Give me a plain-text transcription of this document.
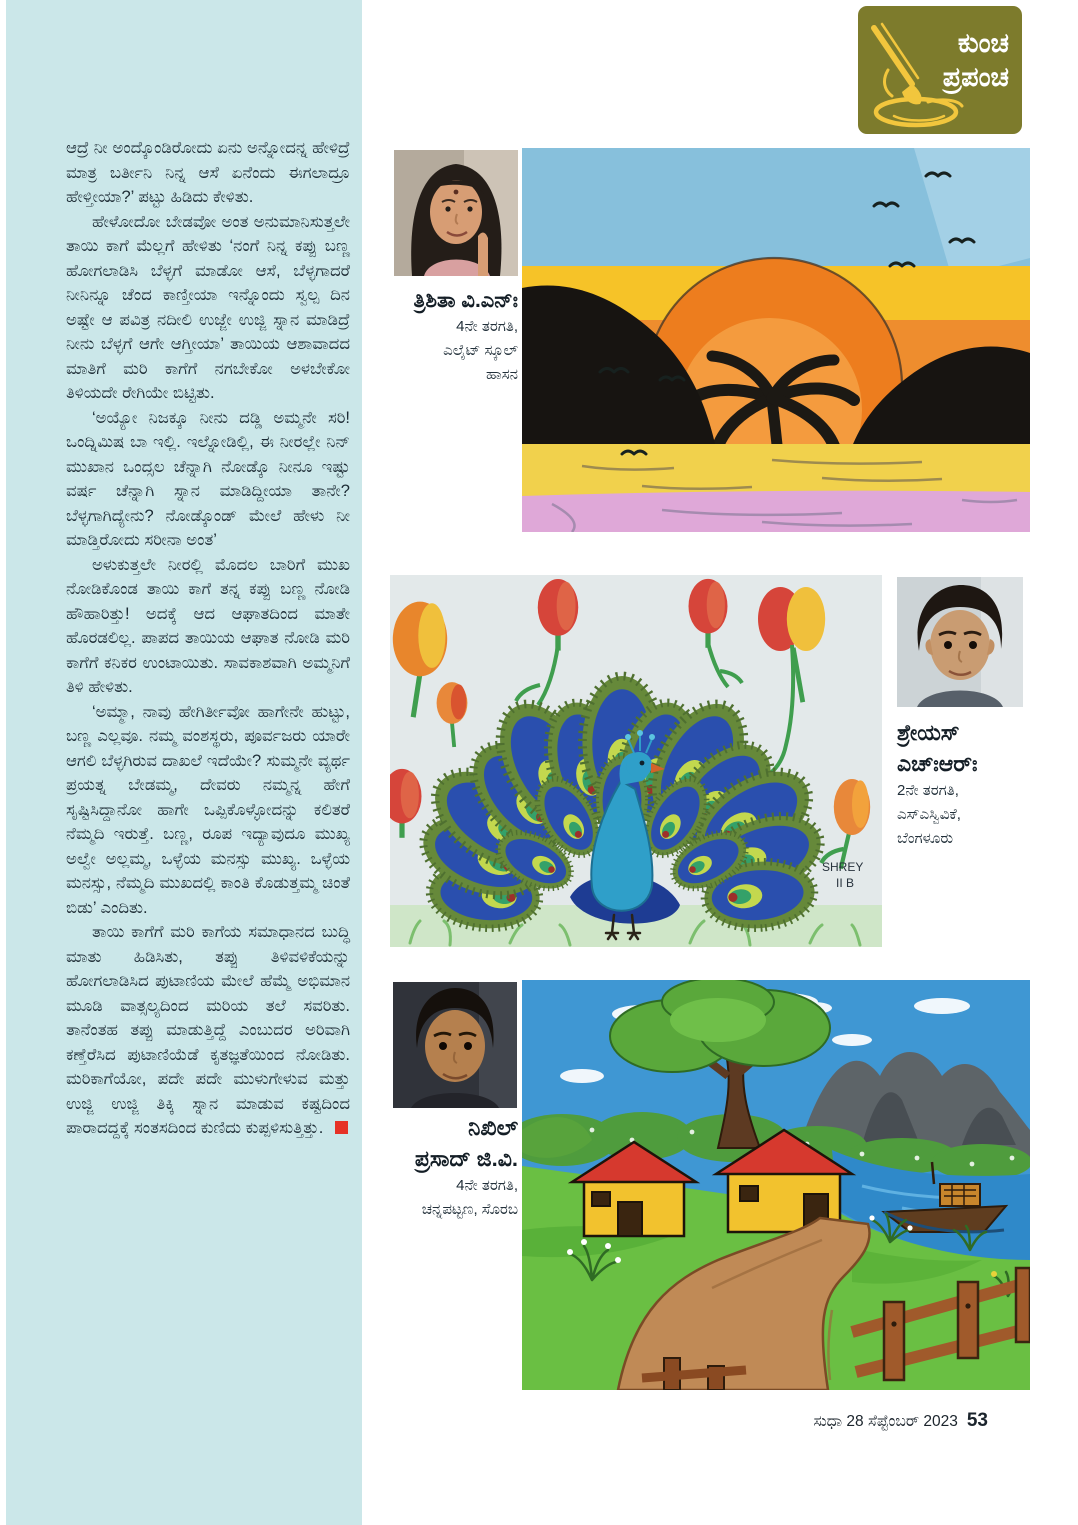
ಆದ್ರೆ ನೀ ಅಂದ್ಕೊಂಡಿರೋದು ಏನು ಅನ್ನೋದನ್ನ ಹೇಳಿದ್ರೆ ಮಾತ್ರ ಬರ್ತೀನಿ ನಿನ್ನ ಆಸೆ ಏನೆಂದು ಈಗಲಾದ್ರೂ ಹೇಳ್ತೀಯಾ?’ ಪಟ್ಟು ಹಿಡಿದು ಕೇಳಿತು.

ಹೇಳೋದೋ ಬೇಡವೋ ಅಂತ ಅನುಮಾನಿಸುತ್ತಲೇ ತಾಯಿ ಕಾಗೆ ಮೆಲ್ಲಗೆ ಹೇಳಿತು ‘ನಂಗೆ ನಿನ್ನ ಕಪ್ಪು ಬಣ್ಣ ಹೋಗಲಾಡಿಸಿ ಬೆಳ್ಳಗೆ ಮಾಡೋ ಆಸೆ, ಬೆಳ್ಳಗಾದರೆ ನೀನಿನ್ನೂ ಚೆಂದ ಕಾಣ್ತೀಯಾ ಇನ್ನೊಂದು ಸ್ವಲ್ಪ ದಿನ ಅಷ್ಟೇ ಆ ಪವಿತ್ರ ನದೀಲಿ ಉಜ್ಜೇ ಉಜ್ಜಿ ಸ್ನಾನ ಮಾಡಿದ್ರೆ ನೀನು ಬೆಳ್ಳಗೆ ಆಗೇ ಆಗ್ತೀಯಾ’ ತಾಯಿಯ ಆಶಾವಾದದ ಮಾತಿಗೆ ಮರಿ ಕಾಗೆಗೆ ನಗಬೇಕೋ ಅಳಬೇಕೋ ತಿಳಿಯದೇ ರೇಗಿಯೇ ಬಿಟ್ಟಿತು.

‘ಅಯ್ಯೋ ನಿಜಕ್ಕೂ ನೀನು ದಡ್ಡಿ ಅಮ್ಮನೇ ಸರಿ! ಒಂದ್ನಿಮಿಷ ಬಾ ಇಲ್ಲಿ. ಇಲ್ನೋಡಿಲ್ಲಿ, ಈ ನೀರಲ್ಲೇ ನಿನ್ ಮುಖಾನ ಒಂದ್ಸಲ ಚೆನ್ನಾಗಿ ನೋಡ್ಕೊ ನೀನೂ ಇಷ್ಟು ವರ್ಷ ಚೆನ್ನಾಗಿ ಸ್ನಾನ ಮಾಡಿದ್ದೀಯಾ ತಾನೇ? ಬೆಳ್ಳಗಾಗಿದ್ಯೇನು? ನೋಡ್ಕೊಂಡ್ ಮೇಲೆ ಹೇಳು ನೀ ಮಾಡ್ತಿರೋದು ಸರೀನಾ ಅಂತ’

ಅಳುಕುತ್ತಲೇ ನೀರಲ್ಲಿ ಮೊದಲ ಬಾರಿಗೆ ಮುಖ ನೋಡಿಕೊಂಡ ತಾಯಿ ಕಾಗೆ ತನ್ನ ಕಪ್ಪು ಬಣ್ಣ ನೋಡಿ ಹೌಹಾರಿತ್ತು! ಅದಕ್ಕೆ ಆದ ಆಘಾತದಿಂದ ಮಾತೇ ಹೊರಡಲಿಲ್ಲ. ಪಾಪದ ತಾಯಿಯ ಆಘಾತ ನೋಡಿ ಮರಿ ಕಾಗೆಗೆ ಕನಿಕರ ಉಂಟಾಯಿತು. ಸಾವಕಾಶವಾಗಿ ಅಮ್ಮನಿಗೆ ತಿಳಿ ಹೇಳಿತು.

‘ಅಮ್ಮಾ, ನಾವು ಹೇಗಿರ್ತೀವೋ ಹಾಗೇನೇ ಹುಟ್ಟು, ಬಣ್ಣ ಎಲ್ಲವೂ. ನಮ್ಮ ವಂಶಸ್ಥರು, ಪೂರ್ವಜರು ಯಾರೇ ಆಗಲಿ ಬೆಳ್ಳಗಿರುವ ದಾಖಲೆ ಇದೆಯೇ? ಸುಮ್ಮನೇ ವ್ಯರ್ಥ ಪ್ರಯತ್ನ ಬೇಡಮ್ಮ, ದೇವರು ನಮ್ಮನ್ನ ಹೇಗೆ ಸೃಷ್ಟಿಸಿದ್ದಾನೋ ಹಾಗೇ ಒಪ್ಪಿಕೊಳ್ಳೋದನ್ನು ಕಲಿತರೆ ನೆಮ್ಮದಿ ಇರುತ್ತೆ. ಬಣ್ಣ, ರೂಪ ಇದ್ಯಾವುದೂ ಮುಖ್ಯ ಅಲ್ವೇ ಅಲ್ಲಮ್ಮ, ಒಳ್ಳೆಯ ಮನಸ್ಸು ಮುಖ್ಯ. ಒಳ್ಳೆಯ ಮನಸ್ಸು, ನೆಮ್ಮದಿ ಮುಖದಲ್ಲಿ ಕಾಂತಿ ಕೊಡುತ್ತಮ್ಮ ಚಿಂತೆ ಬಿಡು’ ಎಂದಿತು.

ತಾಯಿ ಕಾಗೆಗೆ ಮರಿ ಕಾಗೆಯ ಸಮಾಧಾನದ ಬುದ್ಧಿ ಮಾತು ಹಿಡಿಸಿತು, ತಪ್ಪು ತಿಳಿವಳಿಕೆಯನ್ನು ಹೋಗಲಾಡಿಸಿದ ಪುಟಾಣಿಯ ಮೇಲೆ ಹೆಮ್ಮೆ ಅಭಿಮಾನ ಮೂಡಿ ವಾತ್ಸಲ್ಯದಿಂದ ಮರಿಯ ತಲೆ ಸವರಿತು. ತಾನೆಂತಹ ತಪ್ಪು ಮಾಡುತ್ತಿದ್ದೆ ಎಂಬುದರ ಅರಿವಾಗಿ ಕಣ್ತೆರೆಸಿದ ಪುಟಾಣಿಯೆಡೆ ಕೃತಜ್ಞತೆಯಿಂದ ನೋಡಿತು. ಮರಿಕಾಗೆಯೋ, ಪದೇ ಪದೇ ಮುಳುಗೇಳುವ ಮತ್ತು ಉಜ್ಜಿ ಉಜ್ಜಿ ತಿಕ್ಕಿ ಸ್ನಾನ ಮಾಡುವ ಕಷ್ಟದಿಂದ ಪಾರಾದದ್ದಕ್ಕೆ ಸಂತಸದಿಂದ ಕುಣಿದು ಕುಪ್ಪಳಿಸುತ್ತಿತ್ತು.

ಕುಂಚ
ಪ್ರಪಂಚ
ತ್ರಿಶಿತಾ ವಿ.ಎನ್ಃ
4ನೇ ತರಗತಿ,
ಎಲೈಟ್ ಸ್ಕೂಲ್
ಹಾಸನ
SHREY
II B
ಶ್ರೇಯಸ್
ಎಚ್ಃಆರ್ಃ
2ನೇ ತರಗತಿ,
ಎಸ್ಎಸ್ವಿವಿಕೆ,
ಬೆಂಗಳೂರು
ನಿಖಿಲ್
ಪ್ರಸಾದ್ ಜಿ.ವಿ.
4ನೇ ತರಗತಿ,
ಚನ್ನಪಟ್ಟಣ, ಸೊರಬ
ಸುಧಾ 28 ಸೆಪ್ಟೆಂಬರ್ 2023 53
